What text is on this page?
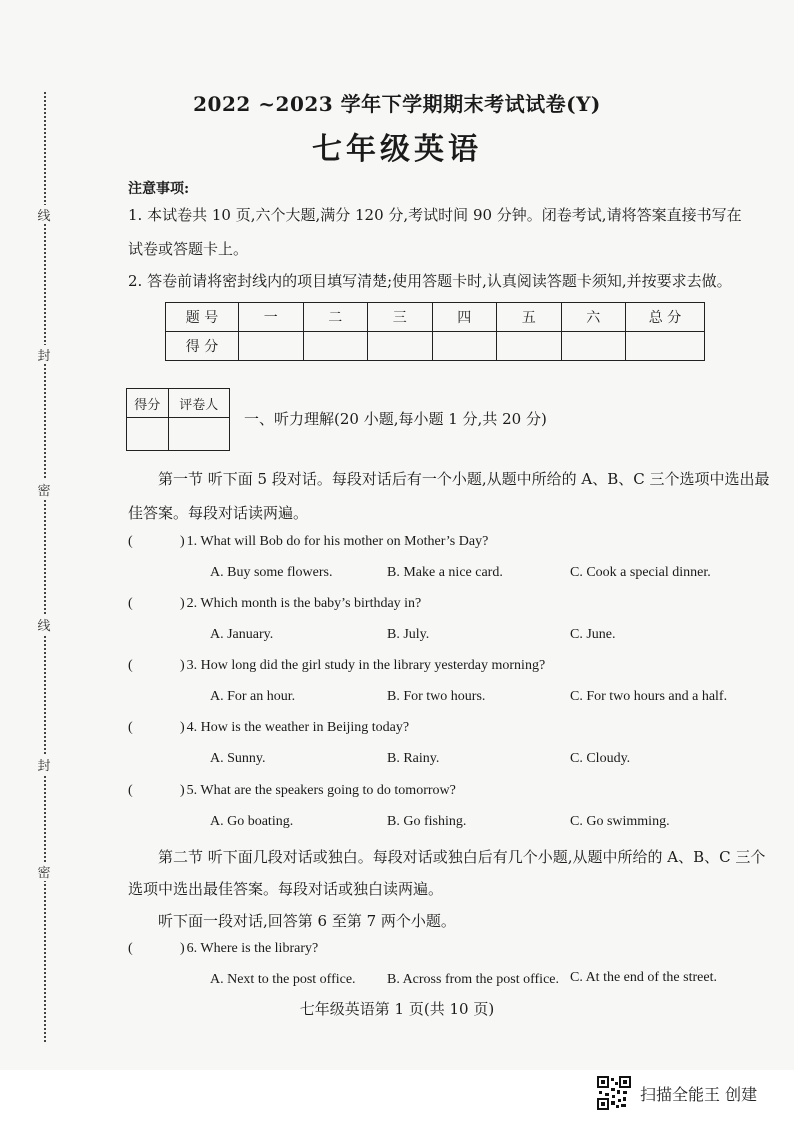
线
封
密
线
封
密
2022 ~2023 学年下学期期末考试试卷(Y)
七年级英语
注意事项:
1. 本试卷共 10 页,六个大题,满分 120 分,考试时间 90 分钟。闭卷考试,请将答案直接书写在
试卷或答题卡上。
2. 答卷前请将密封线内的项目填写清楚;使用答题卡时,认真阅读答题卡须知,并按要求去做。
题 号	一	二	三	四	五	六	总 分
得 分							
得分	评卷人

一、听力理解(20 小题,每小题 1 分,共 20 分)
第一节 听下面 5 段对话。每段对话后有一个小题,从题中所给的 A、B、C 三个选项中选出最
佳答案。每段对话读两遍。
(	) 1. What will Bob do for his mother on Mother’s Day?
A. Buy some flowers.	B. Make a nice card.	C. Cook a special dinner.
(	) 2. Which month is the baby’s birthday in?
A. January.	B. July.	C. June.
(	) 3. How long did the girl study in the library yesterday morning?
A. For an hour.	B. For two hours.	C. For two hours and a half.
(	) 4. How is the weather in Beijing today?
A. Sunny.	B. Rainy.	C. Cloudy.
(	) 5. What are the speakers going to do tomorrow?
A. Go boating.	B. Go fishing.	C. Go swimming.
第二节 听下面几段对话或独白。每段对话或独白后有几个小题,从题中所给的 A、B、C 三个
选项中选出最佳答案。每段对话或独白读两遍。
听下面一段对话,回答第 6 至第 7 两个小题。
(	) 6. Where is the library?
A. Next to the post office. B. Across from the post office. C. At the end of the street.
七年级英语第 1 页(共 10 页)
扫描全能王 创建
